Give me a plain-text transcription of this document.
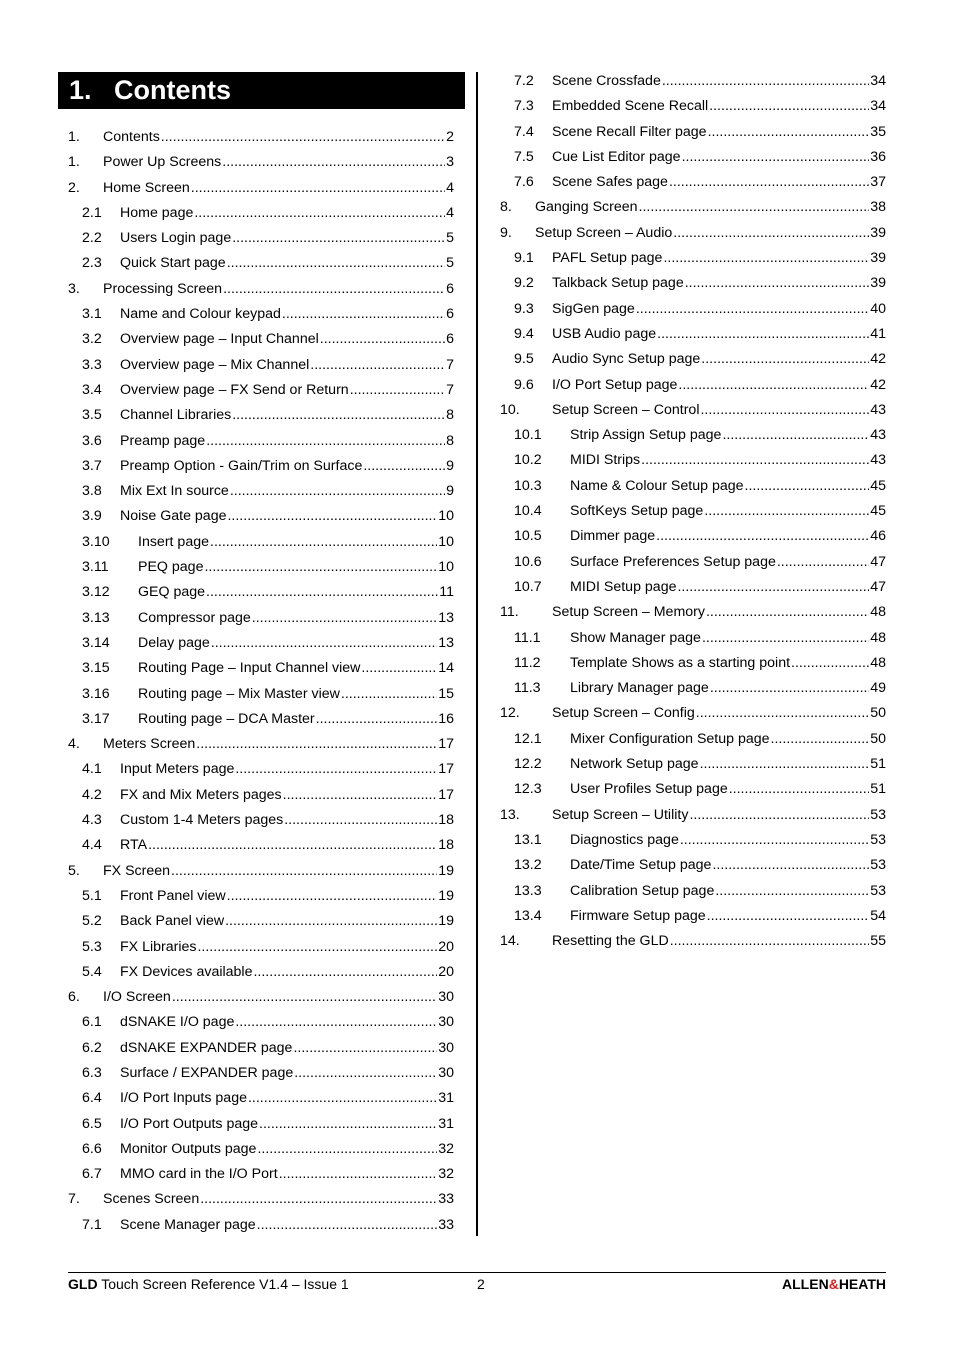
1. Contents
1. Contents .....	2
1. Power Up Screens .....	3
2. Home Screen .....	4
2.1 Home page .....	4
2.2 Users Login page .....	5
2.3 Quick Start page .....	5
3. Processing Screen .....	6
3.1 Name and Colour keypad .....	6
3.2 Overview page – Input Channel .....	6
3.3 Overview page – Mix Channel .....	7
3.4 Overview page – FX Send or Return .....	7
3.5 Channel Libraries .....	8
3.6 Preamp page .....	8
3.7 Preamp Option - Gain/Trim on Surface .....	9
3.8 Mix Ext In source .....	9
3.9 Noise Gate page .....	10
3.10 Insert page .....	10
3.11 PEQ page .....	10
3.12 GEQ page .....	11
3.13 Compressor page .....	13
3.14 Delay page .....	13
3.15 Routing Page – Input Channel view .....	14
3.16 Routing page – Mix Master view .....	15
3.17 Routing page – DCA Master .....	16
4. Meters Screen .....	17
4.1 Input Meters page .....	17
4.2 FX and Mix Meters pages .....	17
4.3 Custom 1-4 Meters pages .....	18
4.4 RTA .....	18
5. FX Screen .....	19
5.1 Front Panel view .....	19
5.2 Back Panel view .....	19
5.3 FX Libraries .....	20
5.4 FX Devices available .....	20
6. I/O Screen .....	30
6.1 dSNAKE I/O page .....	30
6.2 dSNAKE EXPANDER page .....	30
6.3 Surface / EXPANDER page .....	30
6.4 I/O Port Inputs page .....	31
6.5 I/O Port Outputs page .....	31
6.6 Monitor Outputs page .....	32
6.7 MMO card in the I/O Port .....	32
7. Scenes Screen .....	33
7.1 Scene Manager page .....	33
7.2 Scene Crossfade .....	34
7.3 Embedded Scene Recall .....	34
7.4 Scene Recall Filter page .....	35
7.5 Cue List Editor page .....	36
7.6 Scene Safes page .....	37
8. Ganging Screen .....	38
9. Setup Screen – Audio .....	39
9.1 PAFL Setup page .....	39
9.2 Talkback Setup page .....	39
9.3 SigGen page .....	40
9.4 USB Audio page .....	41
9.5 Audio Sync Setup page .....	42
9.6 I/O Port Setup page .....	42
10. Setup Screen – Control .....	43
10.1 Strip Assign Setup page .....	43
10.2 MIDI Strips .....	43
10.3 Name & Colour Setup page .....	45
10.4 SoftKeys Setup page .....	45
10.5 Dimmer page .....	46
10.6 Surface Preferences Setup page .....	47
10.7 MIDI Setup page .....	47
11. Setup Screen – Memory .....	48
11.1 Show Manager page .....	48
11.2 Template Shows as a starting point .....	48
11.3 Library Manager page .....	49
12. Setup Screen – Config .....	50
12.1 Mixer Configuration Setup page .....	50
12.2 Network Setup page .....	51
12.3 User Profiles Setup page .....	51
13. Setup Screen – Utility .....	53
13.1 Diagnostics page .....	53
13.2 Date/Time Setup page .....	53
13.3 Calibration Setup page .....	53
13.4 Firmware Setup page .....	54
14. Resetting the GLD .....	55
GLD Touch Screen Reference V1.4 – Issue 1	2	ALLEN&HEATH
